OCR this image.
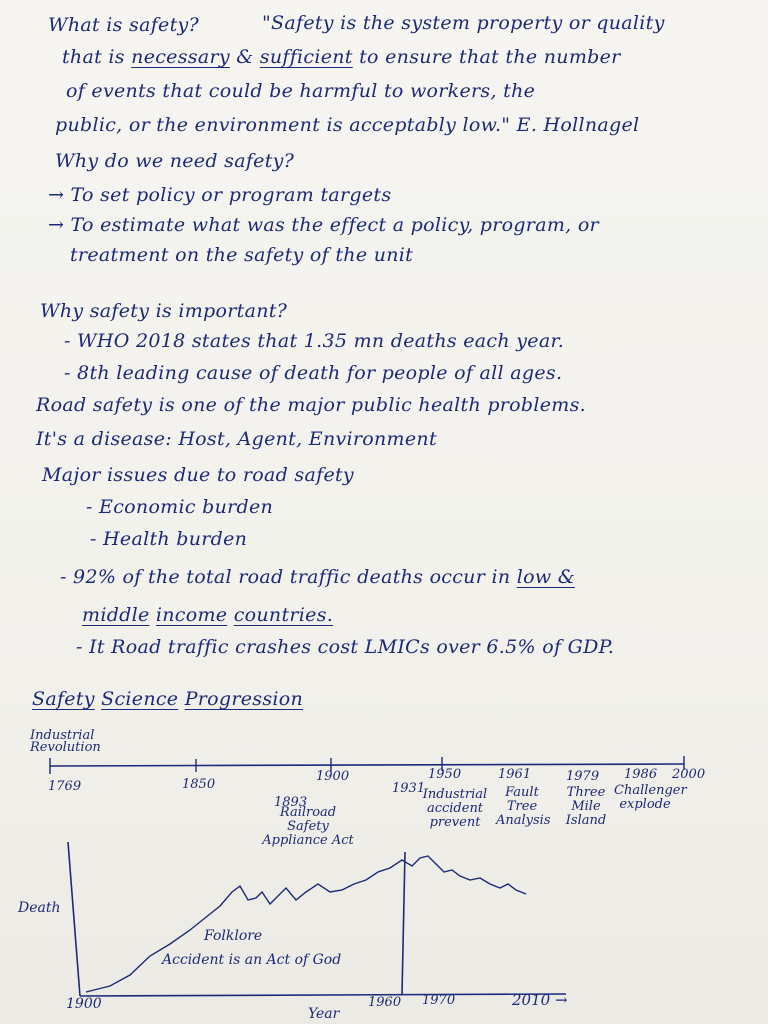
What is safety?	"Safety is the system property or quality
that is necessary & sufficient to ensure that the number
of events that could be harmful to workers, the
public, or the environment is acceptably low." E. Hollnagel
Why do we need safety?
→ To set policy or program targets
→ To estimate what was the effect a policy, program, or
treatment on the safety of the unit
Why safety is important?
- WHO 2018 states that 1.35 mn deaths each year.
- 8th leading cause of death for people of all ages.
Road safety is one of the major public health problems.
It's a disease: Host, Agent, Environment
Major issues due to road safety
- Economic burden
- Health burden
- 92% of the total road traffic deaths occur in low &
middle income countries.
- It Road traffic crashes cost LMICs over 6.5% of GDP.
Safety Science Progression
Industrial Revolution
1769	1850
1900	1950	1961	1979 1986 2000
1893
Railroad Safety Appliance Act
1931
Industrial accident prevent
Fault Tree Analysis
Three Mile Island
Challenger explode
Death
Folklore
Accident is an Act of God
1900	1960 1970	2010 →
Year
